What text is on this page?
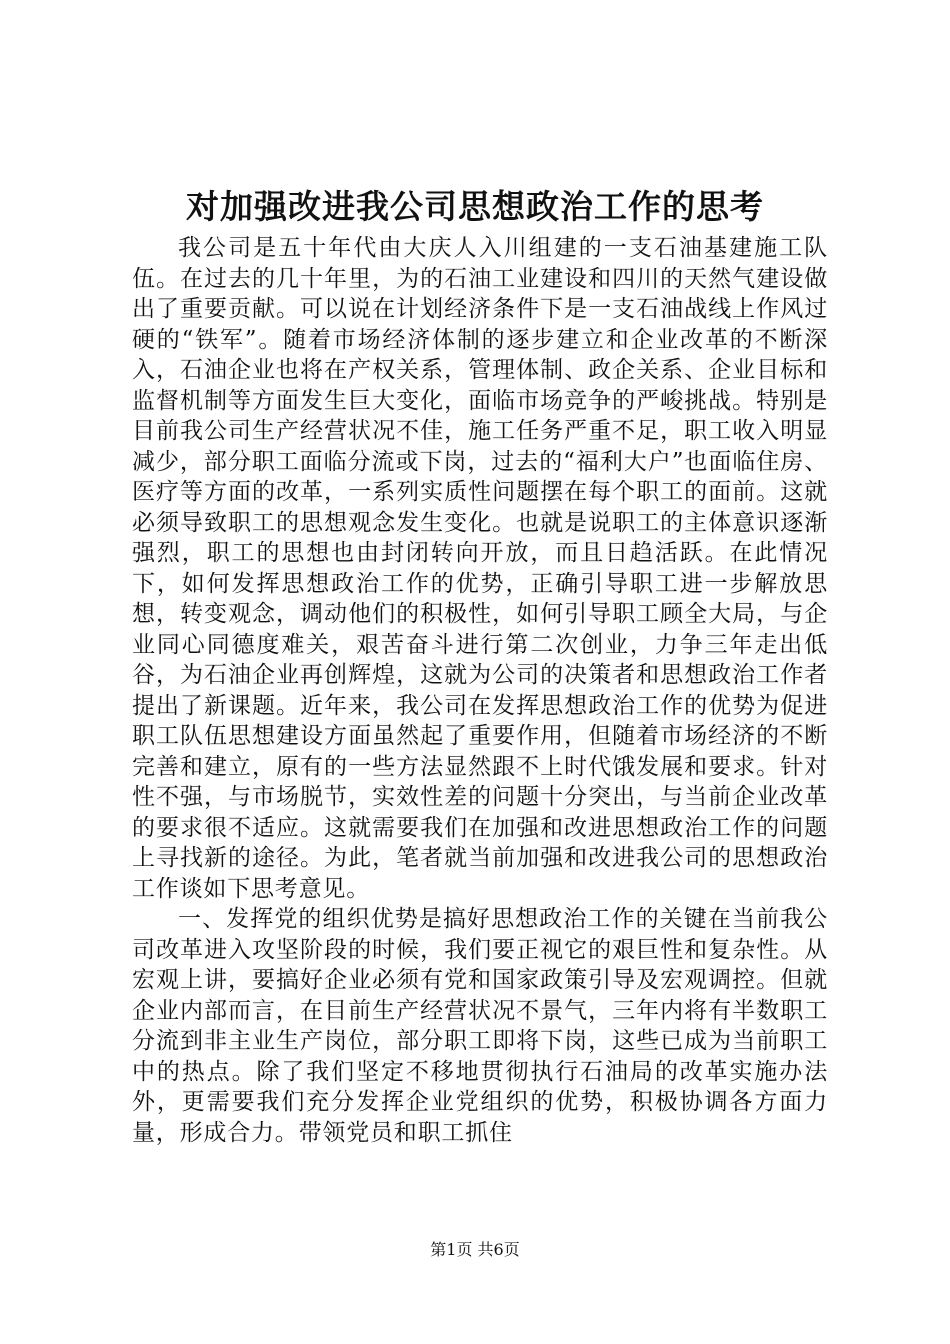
对加强改进我公司思想政治工作的思考

我公司是五十年代由大庆人入川组建的一支石油基建施工队伍。在过去的几十年里，为的石油工业建设和四川的天然气建设做出了重要贡献。可以说在计划经济条件下是一支石油战线上作风过硬的“铁军”。随着市场经济体制的逐步建立和企业改革的不断深入，石油企业也将在产权关系，管理体制、政企关系、企业目标和监督机制等方面发生巨大变化，面临市场竞争的严峻挑战。特别是目前我公司生产经营状况不佳，施工任务严重不足，职工收入明显减少，部分职工面临分流或下岗，过去的“福利大户”也面临住房、医疗等方面的改革，一系列实质性问题摆在每个职工的面前。这就必须导致职工的思想观念发生变化。也就是说职工的主体意识逐渐强烈，职工的思想也由封闭转向开放，而且日趋活跃。在此情况下，如何发挥思想政治工作的优势，正确引导职工进一步解放思想，转变观念，调动他们的积极性，如何引导职工顾全大局，与企业同心同德度难关，艰苦奋斗进行第二次创业，力争三年走出低谷，为石油企业再创辉煌，这就为公司的决策者和思想政治工作者提出了新课题。近年来，我公司在发挥思想政治工作的优势为促进职工队伍思想建设方面虽然起了重要作用，但随着市场经济的不断完善和建立，原有的一些方法显然跟不上时代饿发展和要求。针对性不强，与市场脱节，实效性差的问题十分突出，与当前企业改革的要求很不适应。这就需要我们在加强和改进思想政治工作的问题上寻找新的途径。为此，笔者就当前加强和改进我公司的思想政治工作谈如下思考意见。

一、发挥党的组织优势是搞好思想政治工作的关键在当前我公司改革进入攻坚阶段的时候，我们要正视它的艰巨性和复杂性。从宏观上讲，要搞好企业必须有党和国家政策引导及宏观调控。但就企业内部而言，在目前生产经营状况不景气，三年内将有半数职工分流到非主业生产岗位，部分职工即将下岗，这些已成为当前职工中的热点。除了我们坚定不移地贯彻执行石油局的改革实施办法外，更需要我们充分发挥企业党组织的优势，积极协调各方面力量，形成合力。带领党员和职工抓住

第1页 共6页
